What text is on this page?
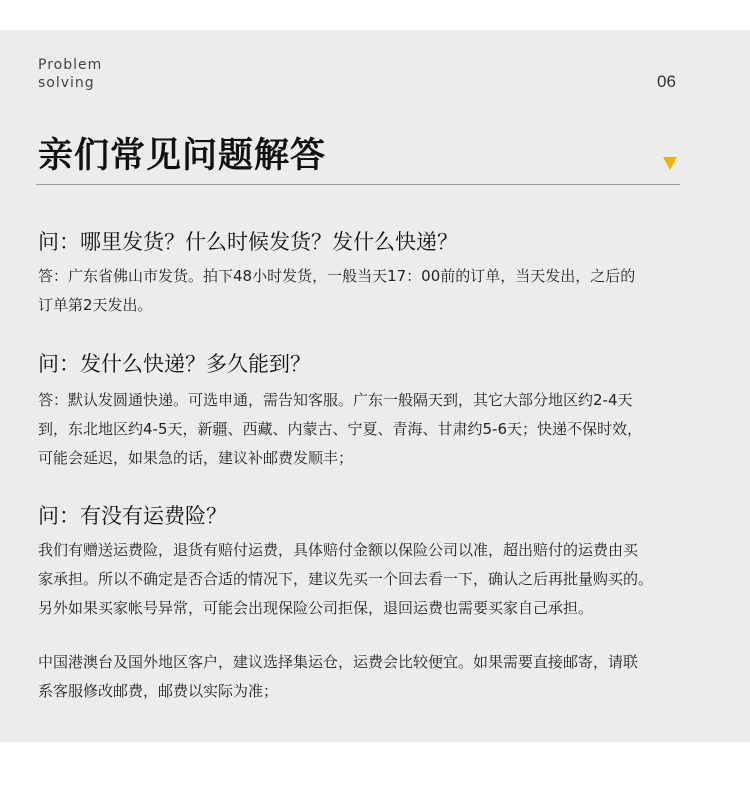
Problem
solving	06
亲们常见问题解答
问：哪里发货？什么时候发货？发什么快递？
答：广东省佛山市发货。拍下48小时发货，一般当天17：00前的订单，当天发出，之后的
订单第2天发出。
问：发什么快递？多久能到？
答：默认发圆通快递。可选申通，需告知客服。广东一般隔天到，其它大部分地区约2-4天
到，东北地区约4-5天，新疆、西藏、内蒙古、宁夏、青海、甘肃约5-6天；快递不保时效，
可能会延迟，如果急的话，建议补邮费发顺丰；
问：有没有运费险？
我们有赠送运费险，退货有赔付运费，具体赔付金额以保险公司以准，超出赔付的运费由买
家承担。所以不确定是否合适的情况下，建议先买一个回去看一下，确认之后再批量购买的。
另外如果买家帐号异常，可能会出现保险公司拒保，退回运费也需要买家自己承担。
中国港澳台及国外地区客户，建议选择集运仓，运费会比较便宜。如果需要直接邮寄，请联
系客服修改邮费，邮费以实际为准；
